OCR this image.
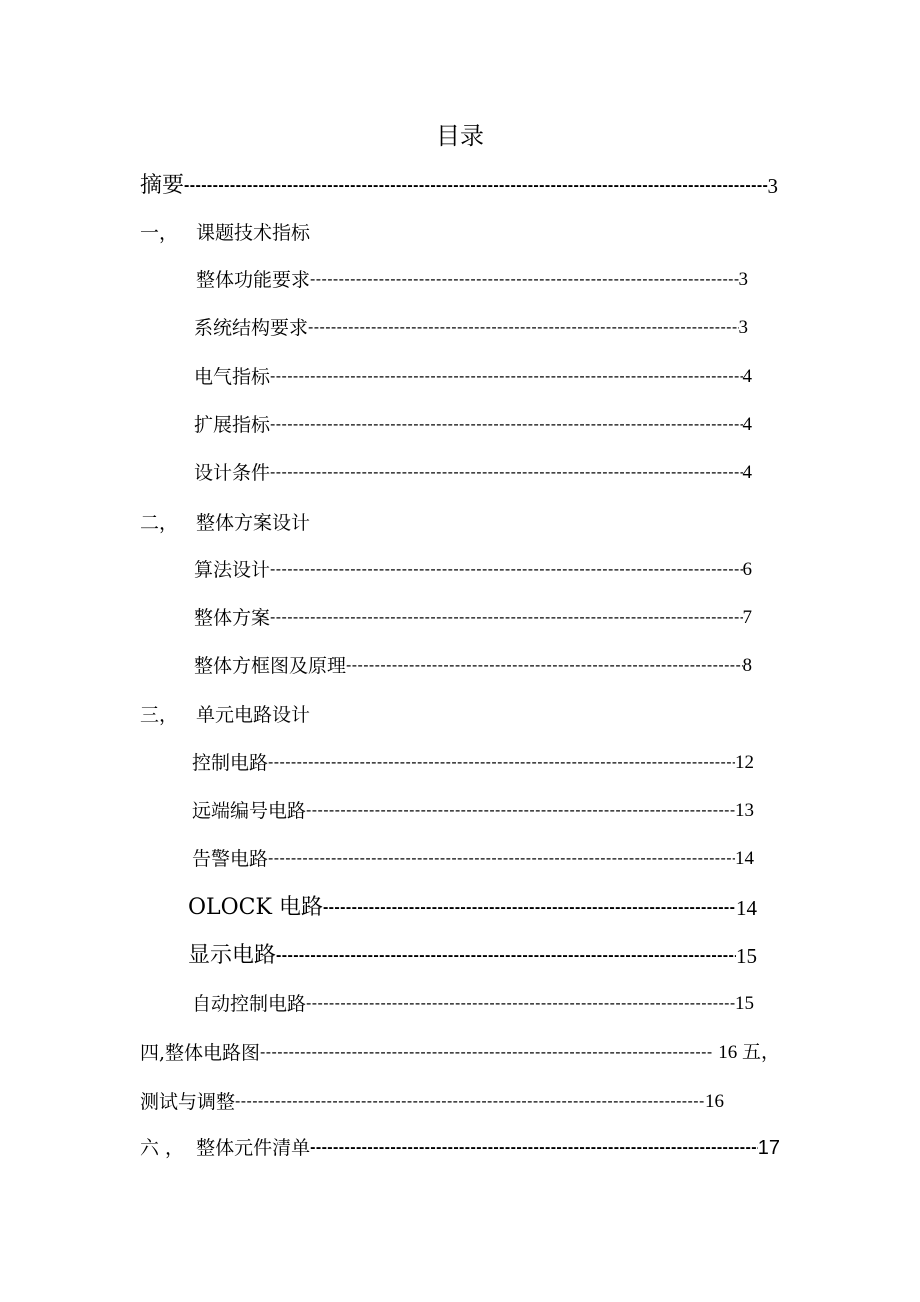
目录
摘要 -----	3
一， 课题技术指标
整体功能要求 -----	3
系统结构要求 -----	3
电气指标 -----	4
扩展指标 -----	4
设计条件 -----	4
二， 整体方案设计
算法设计 -----	6
整体方案 -----	7
整体方框图及原理 -----	8
三， 单元电路设计
控制电路 -----	12
远端编号电路 -----	13
告警电路 -----	14
OLOCK 电路 -----	14
显示电路 -----	15
自动控制电路 -----	15
四,整体电路图 -----	16 五，
测试与调整 -----	16
六 ，  整体元件清单 -----	17
